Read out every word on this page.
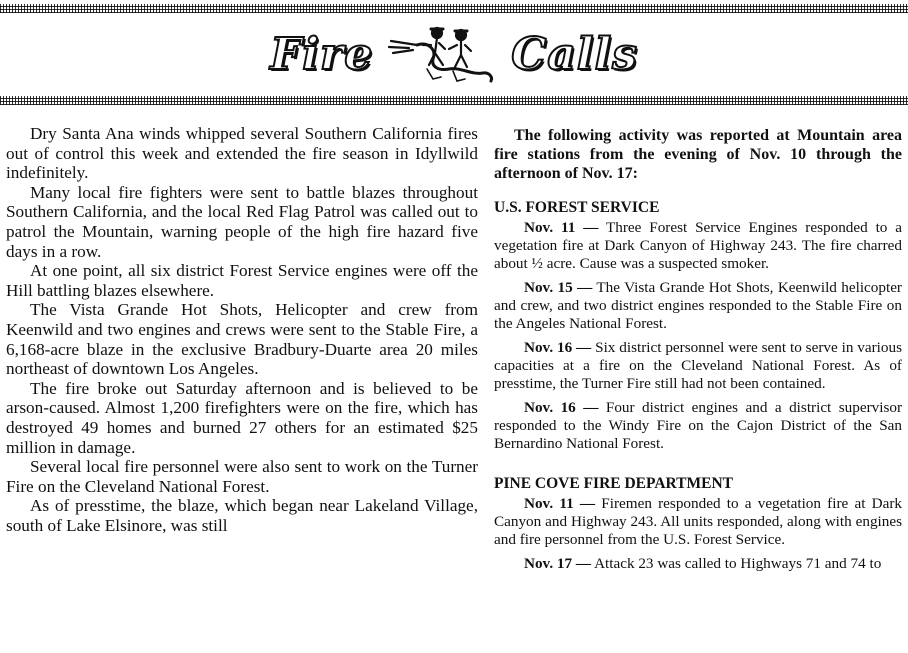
Fire	Calls

Dry Santa Ana winds whipped several Southern California fires out of control this week and extended the fire season in Idyllwild indefinitely.

Many local fire fighters were sent to battle blazes throughout Southern California, and the local Red Flag Patrol was called out to patrol the Mountain, warning people of the high fire hazard five days in a row.

At one point, all six district Forest Service engines were off the Hill battling blazes elsewhere.

The Vista Grande Hot Shots, Helicopter and crew from Keenwild and two engines and crews were sent to the Stable Fire, a 6,168-acre blaze in the exclusive Bradbury-Duarte area 20 miles northeast of downtown Los Angeles.

The fire broke out Saturday afternoon and is believed to be arson-caused. Almost 1,200 firefighters were on the fire, which has destroyed 49 homes and burned 27 others for an estimated $25 million in damage.

Several local fire personnel were also sent to work on the Turner Fire on the Cleveland National Forest.

As of presstime, the blaze, which began near Lakeland Village, south of Lake Elsinore, was still

The following activity was reported at Mountain area fire stations from the evening of Nov. 10 through the afternoon of Nov. 17:

U.S. FOREST SERVICE

Nov. 11 — Three Forest Service Engines responded to a vegetation fire at Dark Canyon of Highway 243. The fire charred about ½ acre. Cause was a suspected smoker.

Nov. 15 — The Vista Grande Hot Shots, Keenwild helicopter and crew, and two district engines responded to the Stable Fire on the Angeles National Forest.

Nov. 16 — Six district personnel were sent to serve in various capacities at a fire on the Cleveland National Forest. As of presstime, the Turner Fire still had not been contained.

Nov. 16 — Four district engines and a district supervisor responded to the Windy Fire on the Cajon District of the San Bernardino National Forest.

PINE COVE FIRE DEPARTMENT

Nov. 11 — Firemen responded to a vegetation fire at Dark Canyon and Highway 243. All units responded, along with engines and fire personnel from the U.S. Forest Service.

Nov. 17 — Attack 23 was called to Highways 71 and 74 to
